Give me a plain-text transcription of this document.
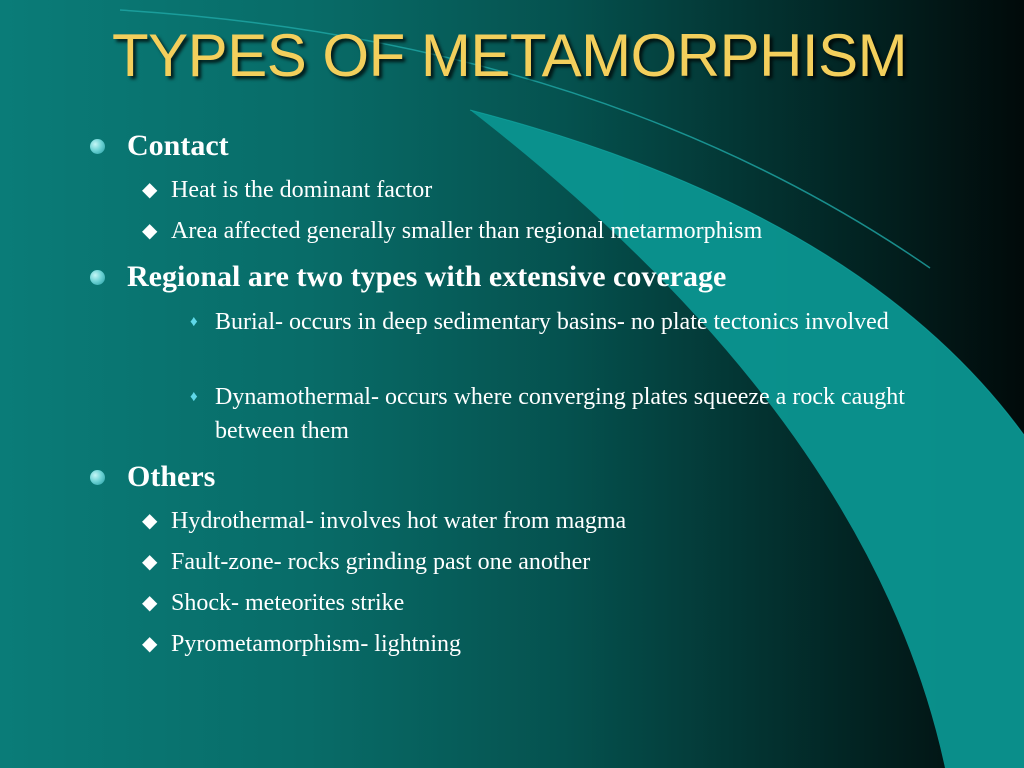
TYPES OF METAMORPHISM
Contact
◆ Heat is the dominant factor
◆ Area affected generally smaller than regional metarmorphism
Regional are two types with extensive coverage
♦ Burial- occurs in deep sedimentary basins- no plate tectonics involved
♦ Dynamothermal- occurs where converging plates squeeze a rock caught between them
Others
◆ Hydrothermal- involves hot water from magma
◆ Fault-zone- rocks grinding past one another
◆ Shock- meteorites strike
◆ Pyrometamorphism- lightning
